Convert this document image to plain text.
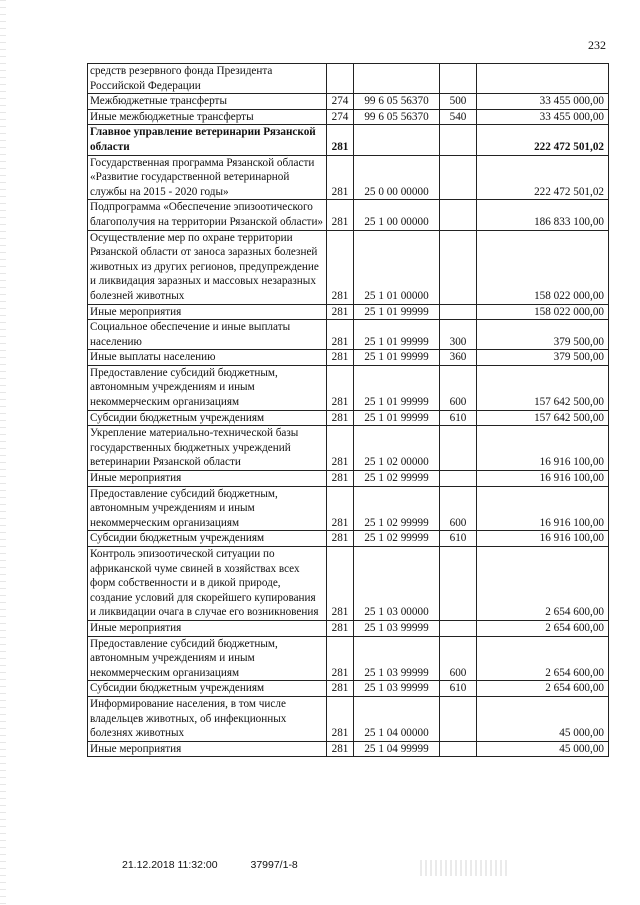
232
средств резервного фонда Президента Российской Федерации				
Межбюджетные трансферты	274	99 6 05 56370	500	33 455 000,00
Иные межбюджетные трансферты	274	99 6 05 56370	540	33 455 000,00
Главное управление ветеринарии Рязанской области	281			222 472 501,02
Государственная программа Рязанской области «Развитие государственной ветеринарной службы на 2015 - 2020 годы»	281	25 0 00 00000		222 472 501,02
Подпрограмма «Обеспечение эпизоотического благополучия на территории Рязанской области»	281	25 1 00 00000		186 833 100,00
Осуществление мер по охране территории Рязанской области от заноса заразных болезней животных из других регионов, предупреждение и ликвидация заразных и массовых незаразных болезней животных	281	25 1 01 00000		158 022 000,00
Иные мероприятия	281	25 1 01 99999		158 022 000,00
Социальное обеспечение и иные выплаты населению	281	25 1 01 99999	300	379 500,00
Иные выплаты населению	281	25 1 01 99999	360	379 500,00
Предоставление субсидий бюджетным, автономным учреждениям и иным некоммерческим организациям	281	25 1 01 99999	600	157 642 500,00
Субсидии бюджетным учреждениям	281	25 1 01 99999	610	157 642 500,00
Укрепление материально-технической базы государственных бюджетных учреждений ветеринарии Рязанской области	281	25 1 02 00000		16 916 100,00
Иные мероприятия	281	25 1 02 99999		16 916 100,00
Предоставление субсидий бюджетным, автономным учреждениям и иным некоммерческим организациям	281	25 1 02 99999	600	16 916 100,00
Субсидии бюджетным учреждениям	281	25 1 02 99999	610	16 916 100,00
Контроль эпизоотической ситуации по африканской чуме свиней в хозяйствах всех форм собственности и в дикой природе, создание условий для скорейшего купирования и ликвидации очага в случае его возникновения	281	25 1 03 00000		2 654 600,00
Иные мероприятия	281	25 1 03 99999		2 654 600,00
Предоставление субсидий бюджетным, автономным учреждениям и иным некоммерческим организациям	281	25 1 03 99999	600	2 654 600,00
Субсидии бюджетным учреждениям	281	25 1 03 99999	610	2 654 600,00
Информирование населения, в том числе владельцев животных, об инфекционных болезнях животных	281	25 1 04 00000		45 000,00
Иные мероприятия	281	25 1 04 99999		45 000,00
21.12.2018 11:32:00	37997/1-8
